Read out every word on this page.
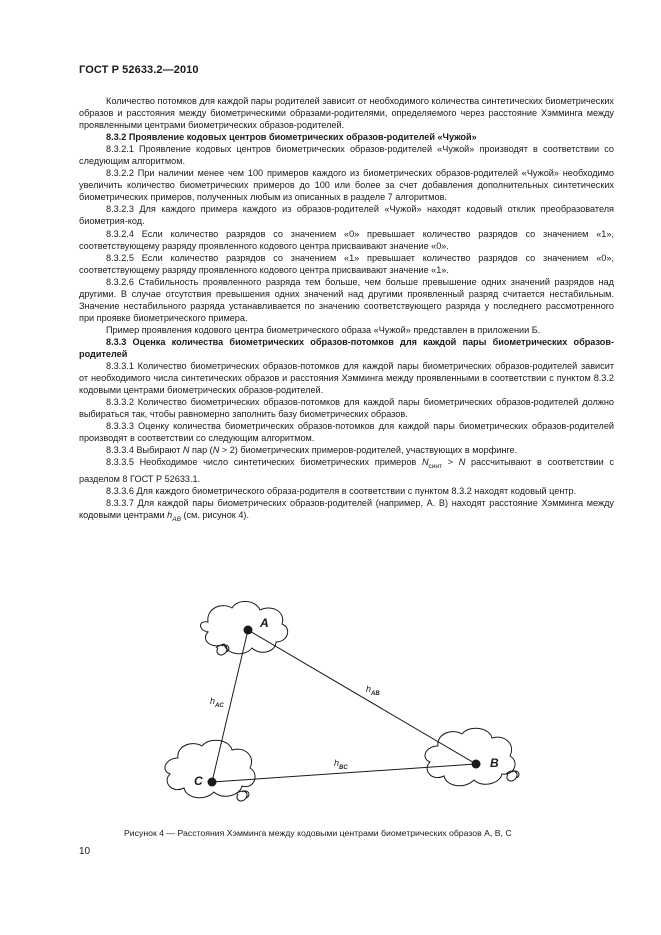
ГОСТ Р 52633.2—2010

Количество потомков для каждой пары родителей зависит от необходимого количества синтетических биометрических образов и расстояния между биометрическими образами-родителями, определяемого через расстояние Хэмминга между проявленными центрами биометрических образов-родителей.

8.3.2 Проявление кодовых центров биометрических образов-родителей «Чужой»

8.3.2.1 Проявление кодовых центров биометрических образов-родителей «Чужой» производят в соответствии со следующим алгоритмом.

8.3.2.2 При наличии менее чем 100 примеров каждого из биометрических образов-родителей «Чужой» необходимо увеличить количество биометрических примеров до 100 или более за счет добавления дополнительных синтетических биометрических примеров, полученных любым из описанных в разделе 7 алгоритмов.

8.3.2.3 Для каждого примера каждого из образов-родителей «Чужой» находят кодовый отклик преобразователя биометрия-код.

8.3.2.4 Если количество разрядов со значением «0» превышает количество разрядов со значением «1», соответствующему разряду проявленного кодового центра присваивают значение «0».

8.3.2.5 Если количество разрядов со значением «1» превышает количество разрядов со значением «0», соответствующему разряду проявленного кодового центра присваивают значение «1».

8.3.2.6 Стабильность проявленного разряда тем больше, чем больше превышение одних значений разрядов над другими. В случае отсутствия превышения одних значений над другими проявленный разряд считается нестабильным. Значение нестабильного разряда устанавливается по значению соответствующего разряда у последнего рассмотренного при проявке биометрического примера.

Пример проявления кодового центра биометрического образа «Чужой» представлен в приложении Б.

8.3.3 Оценка количества биометрических образов-потомков для каждой пары биометрических образов-родителей

8.3.3.1 Количество биометрических образов-потомков для каждой пары биометрических образов-родителей зависит от необходимого числа синтетических образов и расстояния Хэмминга между проявленными в соответствии с пунктом 8.3.2 кодовыми центрами биометрических образов-родителей.

8.3.3.2 Количество биометрических образов-потомков для каждой пары биометрических образов-родителей должно выбираться так, чтобы равномерно заполнить базу биометрических образов.

8.3.3.3 Оценку количества биометрических образов-потомков для каждой пары биометрических образов-родителей производят в соответствии со следующим алгоритмом.

8.3.3.4 Выбирают N пар (N > 2) биометрических примеров-родителей, участвующих в морфинге.

8.3.3.5 Необходимое число синтетических биометрических примеров $N_{синт} > N$ рассчитывают в соответствии с разделом 8 ГОСТ Р 52633.1.

8.3.3.6 Для каждого биометрического образа-родителя в соответствии с пунктом 8.3.2 находят кодовый центр.

8.3.3.7 Для каждой пары биометрических образов-родителей (например, А. В) находят расстояние Хэмминга между кодовыми центрами $h_{AB}$ (см. рисунок 4).

A
B
C
$h_{AC}$
$h_{AB}$
$h_{BC}$
Рисунок 4 — Расстояния Хэмминга между кодовыми центрами биометрических образов А, В, С
10
